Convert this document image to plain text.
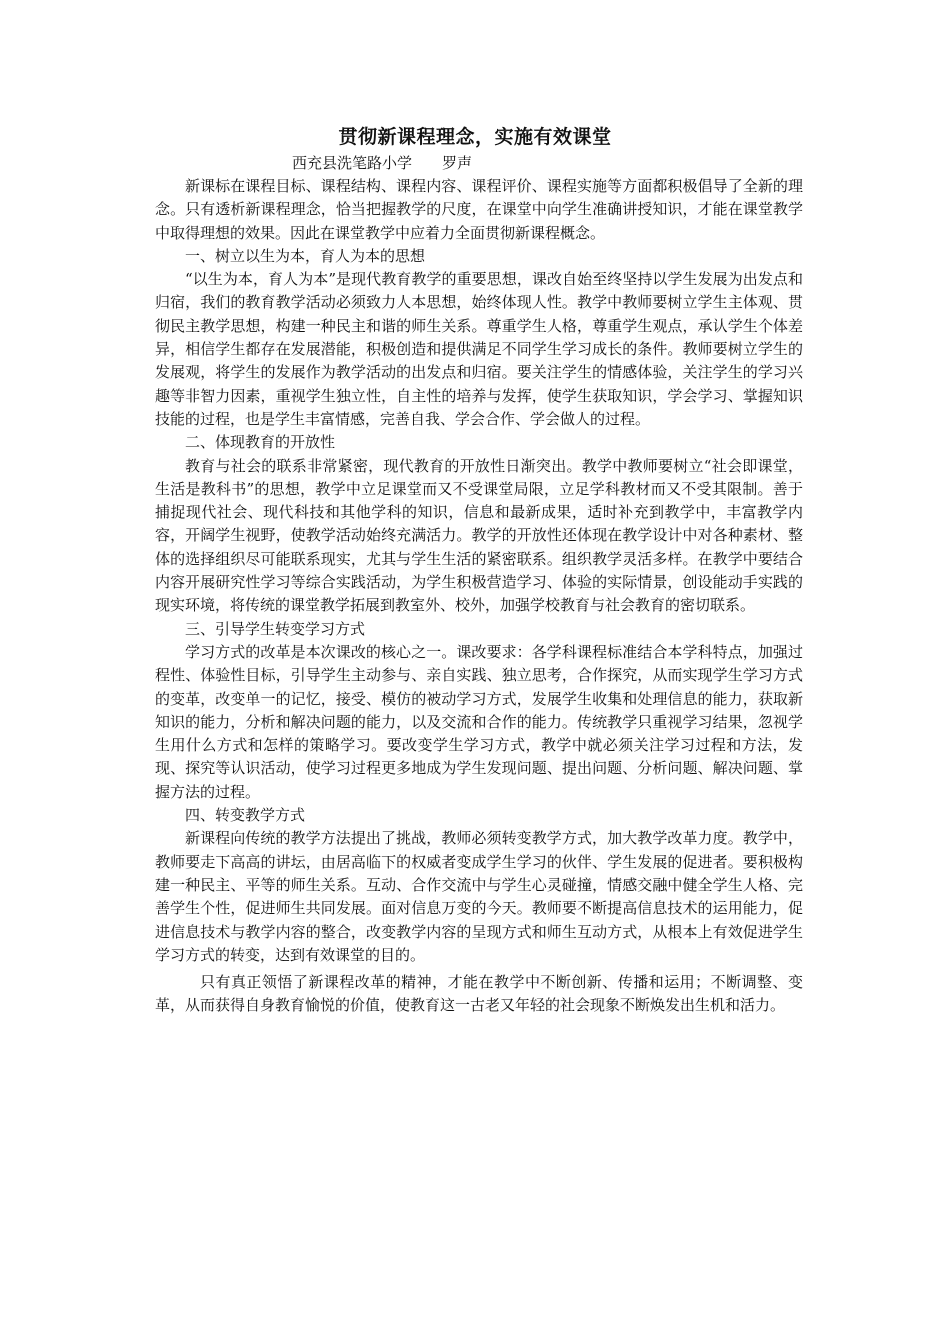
贯彻新课程理念，实施有效课堂
西充县洗笔路小学 罗声

新课标在课程目标、课程结构、课程内容、课程评价、课程实施等方面都积极倡导了全新的理念。只有透析新课程理念，恰当把握教学的尺度，在课堂中向学生准确讲授知识，才能在课堂教学中取得理想的效果。因此在课堂教学中应着力全面贯彻新课程概念。

一、树立以生为本，育人为本的思想

“以生为本，育人为本”是现代教育教学的重要思想，课改自始至终坚持以学生发展为出发点和归宿，我们的教育教学活动必须致力人本思想，始终体现人性。教学中教师要树立学生主体观、贯彻民主教学思想，构建一种民主和谐的师生关系。尊重学生人格，尊重学生观点，承认学生个体差异，相信学生都存在发展潜能，积极创造和提供满足不同学生学习成长的条件。教师要树立学生的发展观，将学生的发展作为教学活动的出发点和归宿。要关注学生的情感体验，关注学生的学习兴趣等非智力因素，重视学生独立性，自主性的培养与发挥，使学生获取知识，学会学习、掌握知识技能的过程，也是学生丰富情感，完善自我、学会合作、学会做人的过程。

二、体现教育的开放性

教育与社会的联系非常紧密，现代教育的开放性日渐突出。教学中教师要树立“社会即课堂，生活是教科书”的思想，教学中立足课堂而又不受课堂局限，立足学科教材而又不受其限制。善于捕捉现代社会、现代科技和其他学科的知识，信息和最新成果，适时补充到教学中，丰富教学内容，开阔学生视野，使教学活动始终充满活力。教学的开放性还体现在教学设计中对各种素材、整体的选择组织尽可能联系现实，尤其与学生生活的紧密联系。组织教学灵活多样。在教学中要结合内容开展研究性学习等综合实践活动，为学生积极营造学习、体验的实际情景，创设能动手实践的现实环境，将传统的课堂教学拓展到教室外、校外，加强学校教育与社会教育的密切联系。

三、引导学生转变学习方式

学习方式的改革是本次课改的核心之一。课改要求：各学科课程标准结合本学科特点，加强过程性、体验性目标，引导学生主动参与、亲自实践、独立思考，合作探究，从而实现学生学习方式的变革，改变单一的记忆，接受、模仿的被动学习方式，发展学生收集和处理信息的能力，获取新知识的能力，分析和解决问题的能力，以及交流和合作的能力。传统教学只重视学习结果，忽视学生用什么方式和怎样的策略学习。要改变学生学习方式，教学中就必须关注学习过程和方法，发现、探究等认识活动，使学习过程更多地成为学生发现问题、提出问题、分析问题、解决问题、掌握方法的过程。

四、转变教学方式

新课程向传统的教学方法提出了挑战，教师必须转变教学方式，加大教学改革力度。教学中，教师要走下高高的讲坛，由居高临下的权威者变成学生学习的伙伴、学生发展的促进者。要积极构建一种民主、平等的师生关系。互动、合作交流中与学生心灵碰撞，情感交融中健全学生人格、完善学生个性，促进师生共同发展。面对信息万变的今天。教师要不断提高信息技术的运用能力，促进信息技术与教学内容的整合，改变教学内容的呈现方式和师生互动方式，从根本上有效促进学生学习方式的转变，达到有效课堂的目的。

只有真正领悟了新课程改革的精神，才能在教学中不断创新、传播和运用；不断调整、变革，从而获得自身教育愉悦的价值，使教育这一古老又年轻的社会现象不断焕发出生机和活力。
